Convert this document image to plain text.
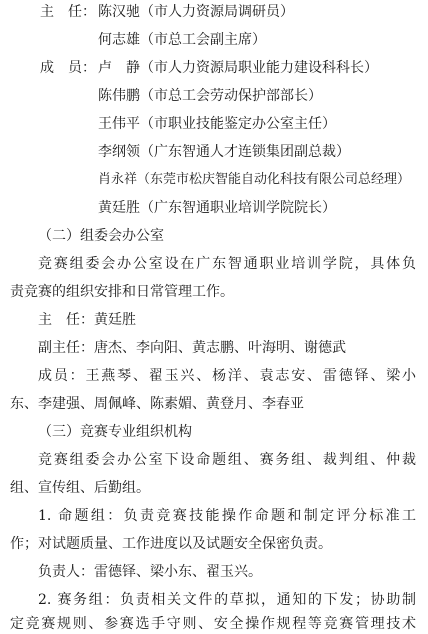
主　任： 陈汉驰（市人力资源局调研员）
何志雄（市总工会副主席）
成　员： 卢　静（市人力资源局职业能力建设科科长）
陈伟鹏（市总工会劳动保护部部长）
王伟平（市职业技能鉴定办公室主任）
李纲领（广东智通人才连锁集团副总裁）
肖永祥（东莞市松庆智能自动化科技有限公司总经理）
黄廷胜（广东智通职业培训学院院长）
（二）组委会办公室
竞赛组委会办公室设在广东智通职业培训学院，具体负
责竞赛的组织安排和日常管理工作。
主　任：黄廷胜
副主任：唐杰、李向阳、黄志鹏、叶海明、谢德武
成员：王燕琴、翟玉兴、杨洋、袁志安、雷德铎、梁小
东、李建强、周佩峰、陈素媚、黄登月、李春亚
（三）竞赛专业组织机构
竞赛组委会办公室下设命题组、赛务组、裁判组、仲裁
组、宣传组、后勤组。
1. 命题组：负责竞赛技能操作命题和制定评分标准工
作；对试题质量、工作进度以及试题安全保密负责。
负责人：雷德铎、梁小东、翟玉兴。
2. 赛务组：负责相关文件的草拟，通知的下发；协助制
定竞赛规则、参赛选手守则、安全操作规程等竞赛管理技术
